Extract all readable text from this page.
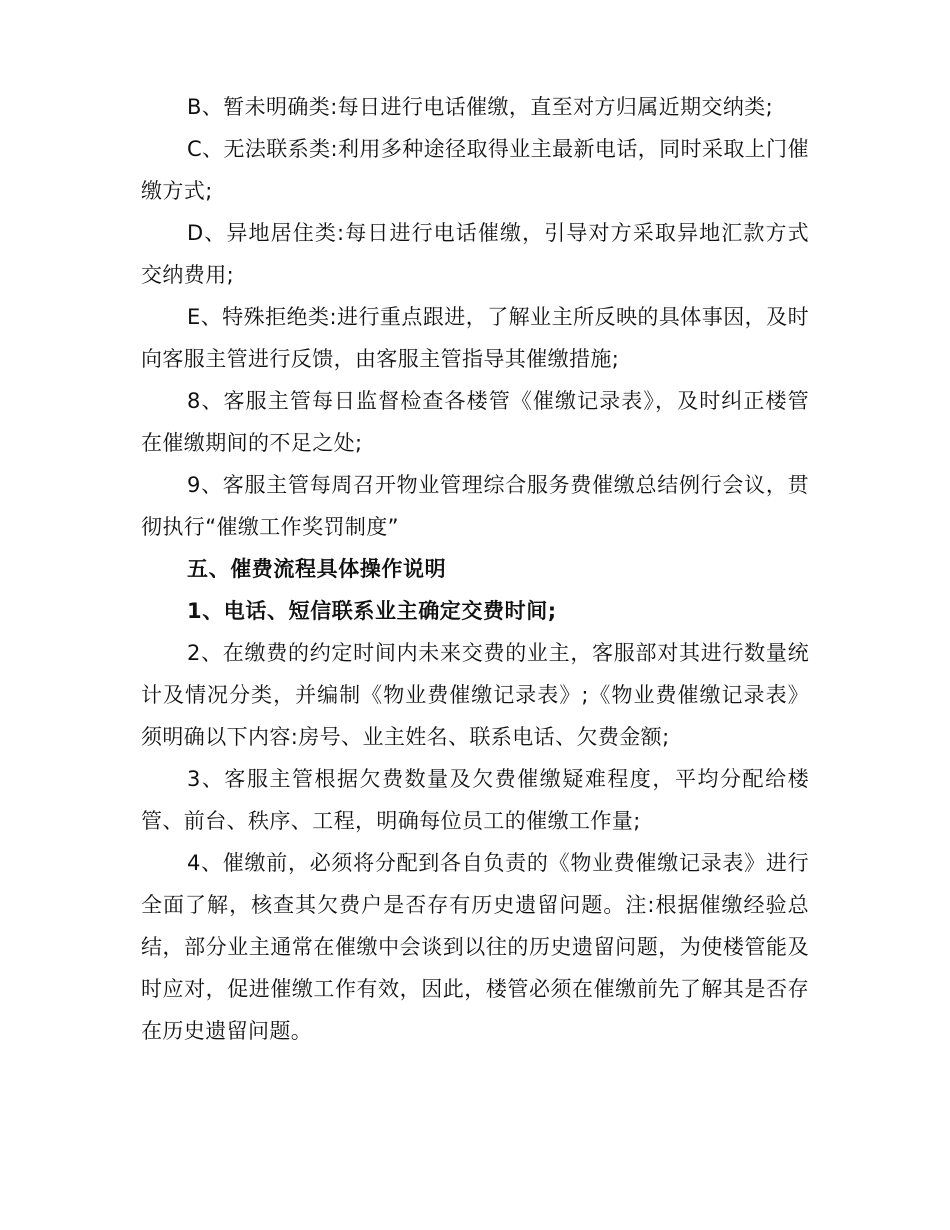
B、暂未明确类:每日进行电话催缴，直至对方归属近期交纳类;

C、无法联系类:利用多种途径取得业主最新电话，同时采取上门催缴方式;

D、异地居住类:每日进行电话催缴，引导对方采取异地汇款方式交纳费用;

E、特殊拒绝类:进行重点跟进，了解业主所反映的具体事因，及时向客服主管进行反馈，由客服主管指导其催缴措施;

8、客服主管每日监督检查各楼管《催缴记录表》，及时纠正楼管在催缴期间的不足之处;

9、客服主管每周召开物业管理综合服务费催缴总结例行会议，贯彻执行“催缴工作奖罚制度”

五、催费流程具体操作说明

1、电话、短信联系业主确定交费时间;

2、在缴费的约定时间内未来交费的业主，客服部对其进行数量统计及情况分类，并编制《物业费催缴记录表》;《物业费催缴记录表》须明确以下内容:房号、业主姓名、联系电话、欠费金额;

3、客服主管根据欠费数量及欠费催缴疑难程度，平均分配给楼管、前台、秩序、工程，明确每位员工的催缴工作量;

4、催缴前，必须将分配到各自负责的《物业费催缴记录表》进行全面了解，核查其欠费户是否存有历史遗留问题。注:根据催缴经验总结，部分业主通常在催缴中会谈到以往的历史遗留问题，为使楼管能及时应对，促进催缴工作有效，因此，楼管必须在催缴前先了解其是否存在历史遗留问题。
